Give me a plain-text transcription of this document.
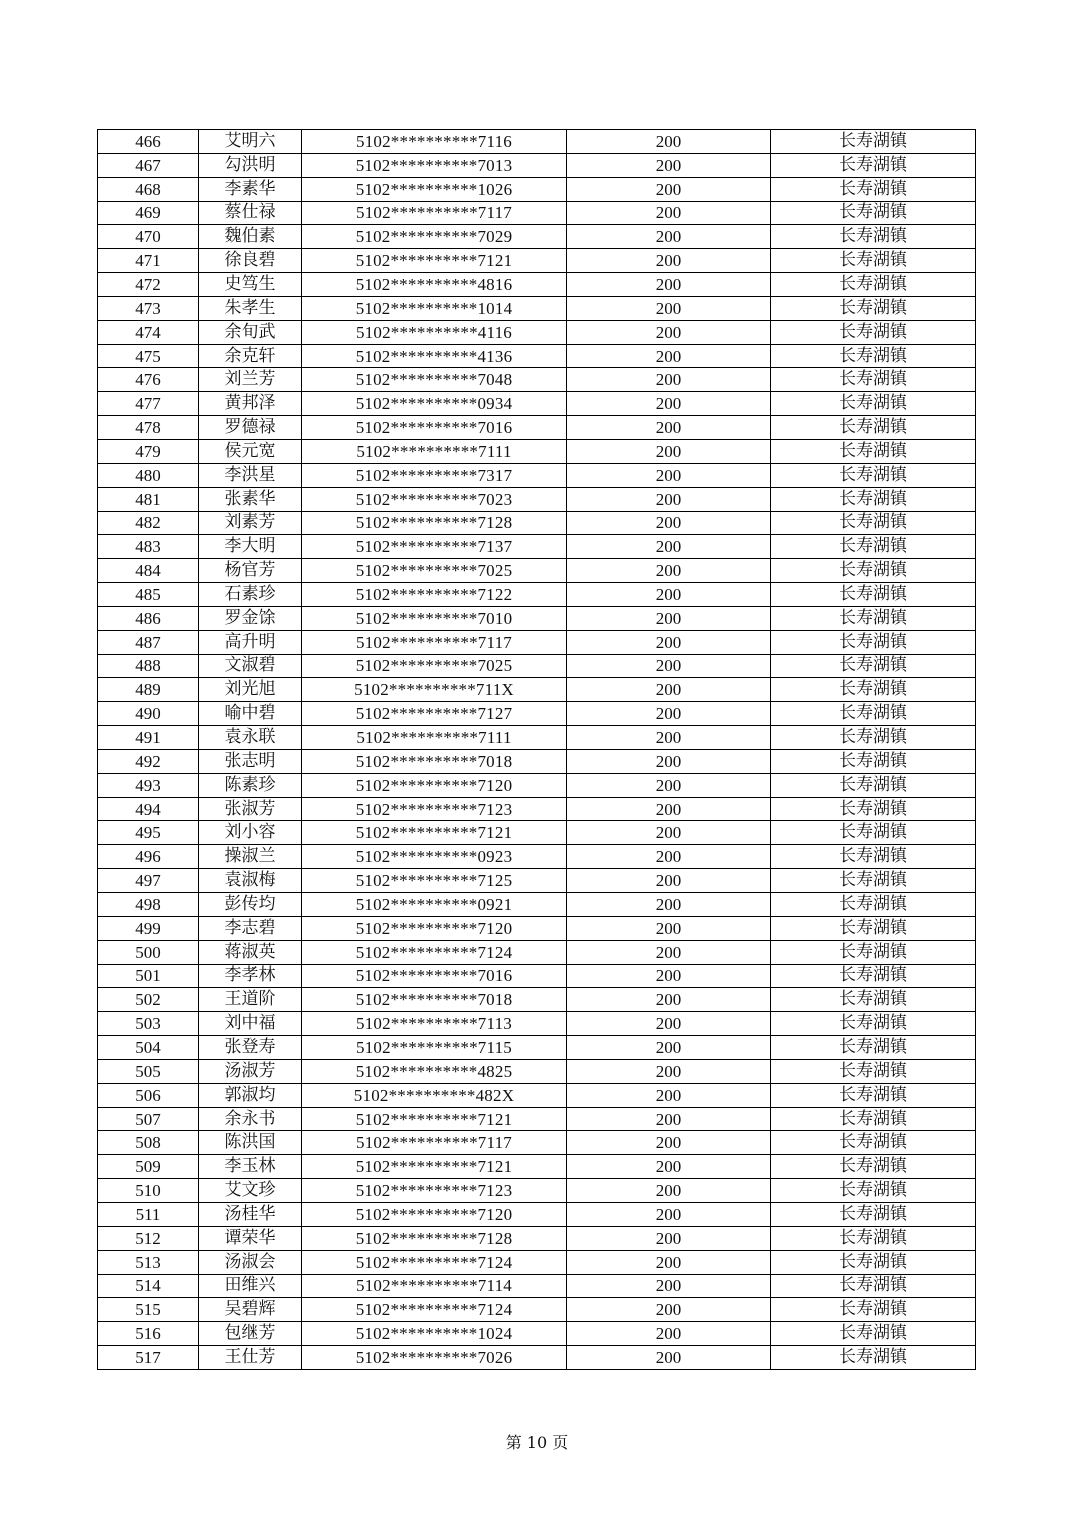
466	艾明六	5102**********7116	200	长寿湖镇
467	勾洪明	5102**********7013	200	长寿湖镇
468	李素华	5102**********1026	200	长寿湖镇
469	蔡仕禄	5102**********7117	200	长寿湖镇
470	魏伯素	5102**********7029	200	长寿湖镇
471	徐良碧	5102**********7121	200	长寿湖镇
472	史笃生	5102**********4816	200	长寿湖镇
473	朱孝生	5102**********1014	200	长寿湖镇
474	余旬武	5102**********4116	200	长寿湖镇
475	余克轩	5102**********4136	200	长寿湖镇
476	刘兰芳	5102**********7048	200	长寿湖镇
477	黄邦泽	5102**********0934	200	长寿湖镇
478	罗德禄	5102**********7016	200	长寿湖镇
479	侯元宽	5102**********7111	200	长寿湖镇
480	李洪星	5102**********7317	200	长寿湖镇
481	张素华	5102**********7023	200	长寿湖镇
482	刘素芳	5102**********7128	200	长寿湖镇
483	李大明	5102**********7137	200	长寿湖镇
484	杨官芳	5102**********7025	200	长寿湖镇
485	石素珍	5102**********7122	200	长寿湖镇
486	罗金馀	5102**********7010	200	长寿湖镇
487	高升明	5102**********7117	200	长寿湖镇
488	文淑碧	5102**********7025	200	长寿湖镇
489	刘光旭	5102**********711X	200	长寿湖镇
490	喻中碧	5102**********7127	200	长寿湖镇
491	袁永联	5102**********7111	200	长寿湖镇
492	张志明	5102**********7018	200	长寿湖镇
493	陈素珍	5102**********7120	200	长寿湖镇
494	张淑芳	5102**********7123	200	长寿湖镇
495	刘小容	5102**********7121	200	长寿湖镇
496	操淑兰	5102**********0923	200	长寿湖镇
497	袁淑梅	5102**********7125	200	长寿湖镇
498	彭传均	5102**********0921	200	长寿湖镇
499	李志碧	5102**********7120	200	长寿湖镇
500	蒋淑英	5102**********7124	200	长寿湖镇
501	李孝林	5102**********7016	200	长寿湖镇
502	王道阶	5102**********7018	200	长寿湖镇
503	刘中福	5102**********7113	200	长寿湖镇
504	张登寿	5102**********7115	200	长寿湖镇
505	汤淑芳	5102**********4825	200	长寿湖镇
506	郭淑均	5102**********482X	200	长寿湖镇
507	余永书	5102**********7121	200	长寿湖镇
508	陈洪国	5102**********7117	200	长寿湖镇
509	李玉林	5102**********7121	200	长寿湖镇
510	艾文珍	5102**********7123	200	长寿湖镇
511	汤桂华	5102**********7120	200	长寿湖镇
512	谭荣华	5102**********7128	200	长寿湖镇
513	汤淑会	5102**********7124	200	长寿湖镇
514	田维兴	5102**********7114	200	长寿湖镇
515	吴碧辉	5102**********7124	200	长寿湖镇
516	包继芳	5102**********1024	200	长寿湖镇
517	王仕芳	5102**********7026	200	长寿湖镇
第 10 页
